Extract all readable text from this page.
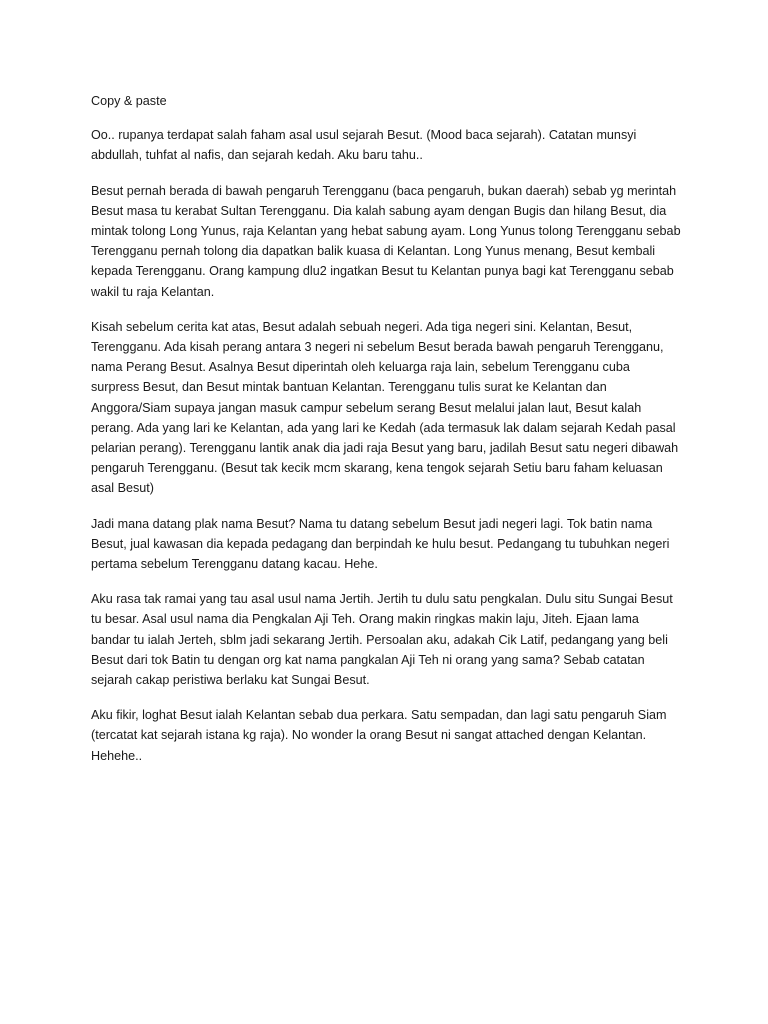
Copy & paste

Oo.. rupanya terdapat salah faham asal usul sejarah Besut. (Mood baca sejarah). Catatan munsyi abdullah, tuhfat al nafis, dan sejarah kedah. Aku baru tahu..

Besut pernah berada di bawah pengaruh Terengganu (baca pengaruh, bukan daerah) sebab yg merintah Besut masa tu kerabat Sultan Terengganu. Dia kalah sabung ayam dengan Bugis dan hilang Besut, dia mintak tolong Long Yunus, raja Kelantan yang hebat sabung ayam. Long Yunus tolong Terengganu sebab Terengganu pernah tolong dia dapatkan balik kuasa di Kelantan. Long Yunus menang, Besut kembali kepada Terengganu. Orang kampung dlu2 ingatkan Besut tu Kelantan punya bagi kat Terengganu sebab wakil tu raja Kelantan.

Kisah sebelum cerita kat atas, Besut adalah sebuah negeri. Ada tiga negeri sini. Kelantan, Besut, Terengganu. Ada kisah perang antara 3 negeri ni sebelum Besut berada bawah pengaruh Terengganu, nama Perang Besut. Asalnya Besut diperintah oleh keluarga raja lain, sebelum Terengganu cuba surpress Besut, dan Besut mintak bantuan Kelantan. Terengganu tulis surat ke Kelantan dan Anggora/Siam supaya jangan masuk campur sebelum serang Besut melalui jalan laut, Besut kalah perang. Ada yang lari ke Kelantan, ada yang lari ke Kedah (ada termasuk lak dalam sejarah Kedah pasal pelarian perang). Terengganu lantik anak dia jadi raja Besut yang baru, jadilah Besut satu negeri dibawah pengaruh Terengganu. (Besut tak kecik mcm skarang, kena tengok sejarah Setiu baru faham keluasan asal Besut)

Jadi mana datang plak nama Besut? Nama tu datang sebelum Besut jadi negeri lagi. Tok batin nama Besut, jual kawasan dia kepada pedagang dan berpindah ke hulu besut. Pedangang tu tubuhkan negeri pertama sebelum Terengganu datang kacau. Hehe.

Aku rasa tak ramai yang tau asal usul nama Jertih. Jertih tu dulu satu pengkalan. Dulu situ Sungai Besut tu besar. Asal usul nama dia Pengkalan Aji Teh. Orang makin ringkas makin laju, Jiteh. Ejaan lama bandar tu ialah Jerteh, sblm jadi sekarang Jertih. Persoalan aku, adakah Cik Latif, pedangang yang beli Besut dari tok Batin tu dengan org kat nama pangkalan Aji Teh ni orang yang sama? Sebab catatan sejarah cakap peristiwa berlaku kat Sungai Besut.

Aku fikir, loghat Besut ialah Kelantan sebab dua perkara. Satu sempadan, dan lagi satu pengaruh Siam (tercatat kat sejarah istana kg raja). No wonder la orang Besut ni sangat attached dengan Kelantan. Hehehe..
